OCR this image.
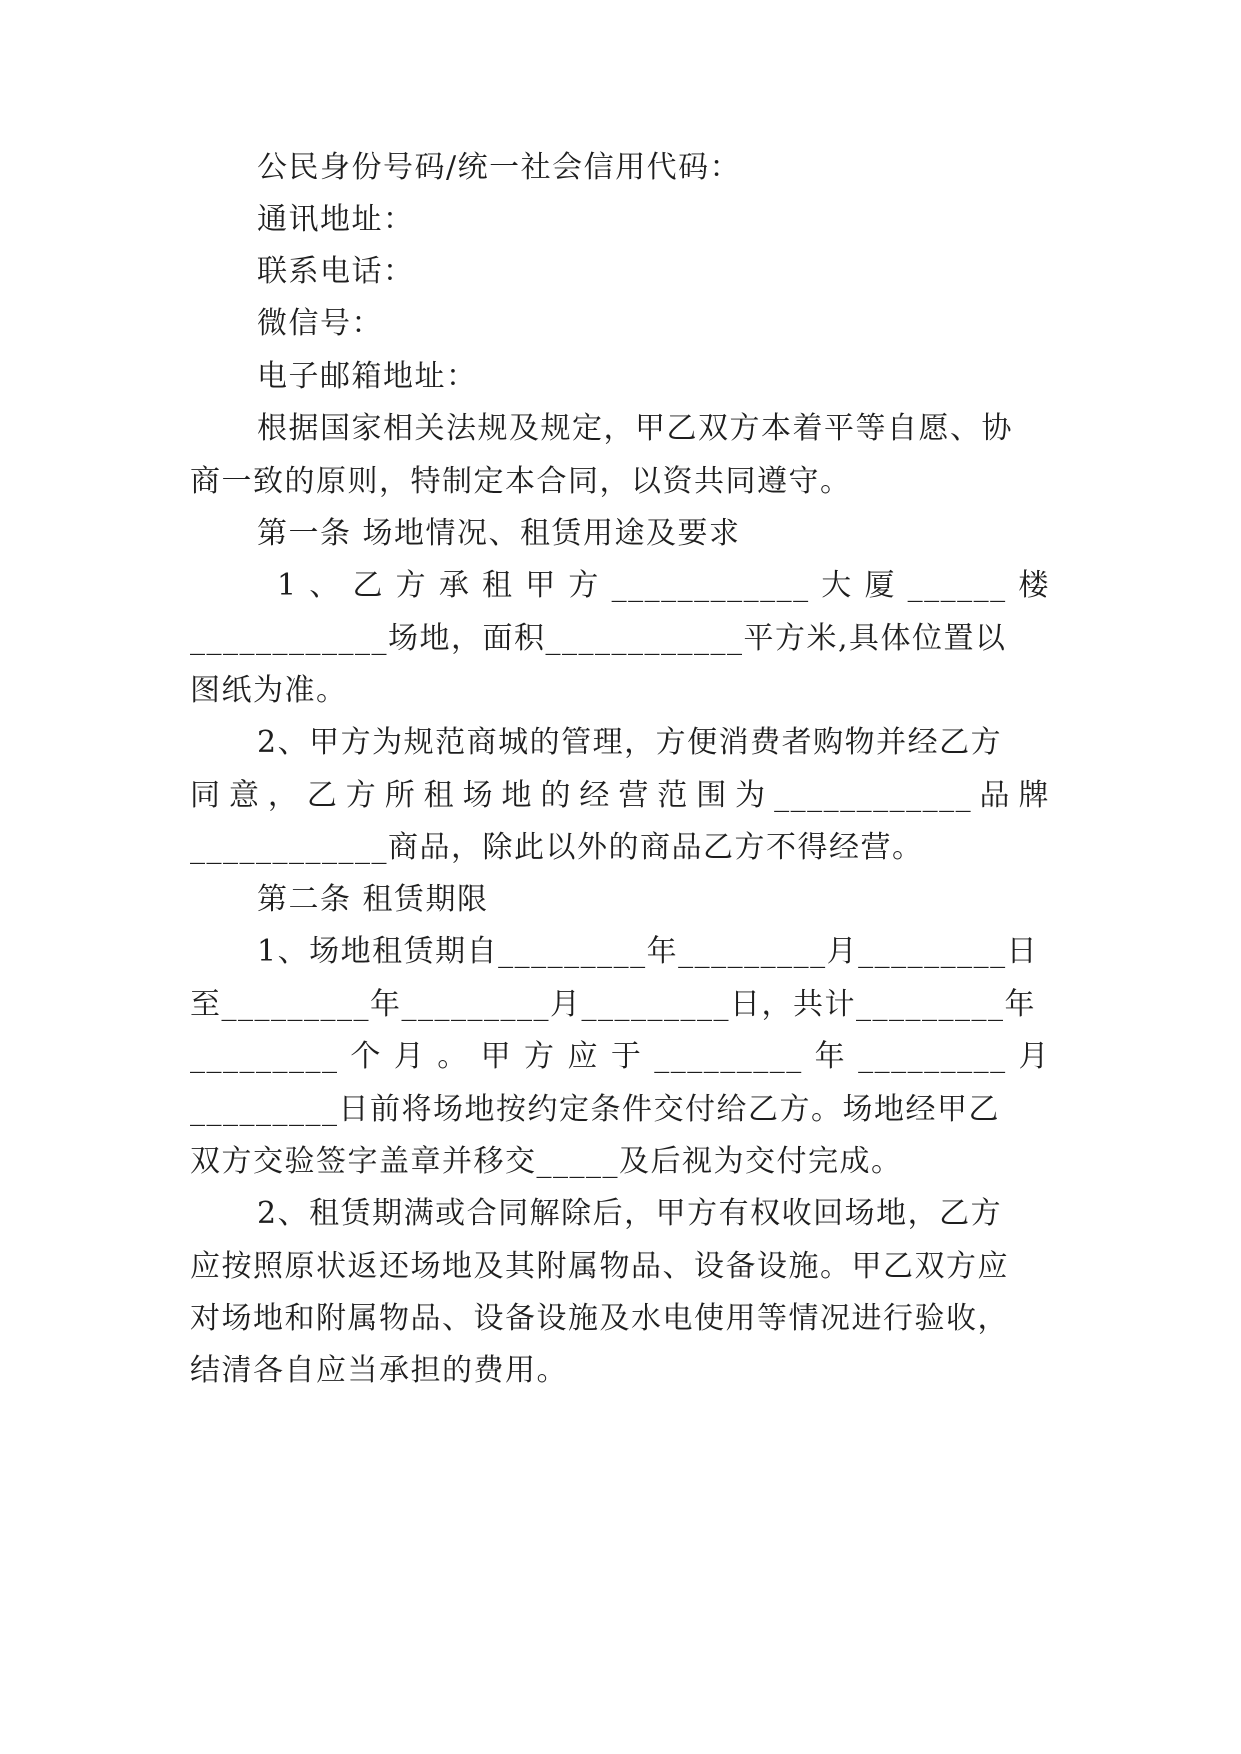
公民身份号码/统一社会信用代码：
通讯地址：
联系电话：
微信号：
电子邮箱地址：
根据国家相关法规及规定，甲乙双方本着平等自愿、协
商一致的原则，特制定本合同，以资共同遵守。
第一条 场地情况、租赁用途及要求
1 、 乙 方 承 租 甲 方 ____________ 大 厦 ______ 楼
____________场地，面积____________平方米,具体位置以
图纸为准。
2、甲方为规范商城的管理，方便消费者购物并经乙方
同 意 ， 乙 方 所 租 场 地 的 经 营 范 围 为 ____________ 品 牌
____________商品，除此以外的商品乙方不得经营。
第二条 租赁期限
1、场地租赁期自_________年_________月_________日
至_________年_________月_________日，共计_________年
_________ 个 月 。 甲 方 应 于 _________ 年 _________ 月
_________日前将场地按约定条件交付给乙方。场地经甲乙
双方交验签字盖章并移交_____及后视为交付完成。
2、租赁期满或合同解除后，甲方有权收回场地，乙方
应按照原状返还场地及其附属物品、设备设施。甲乙双方应
对场地和附属物品、设备设施及水电使用等情况进行验收，
结清各自应当承担的费用。
